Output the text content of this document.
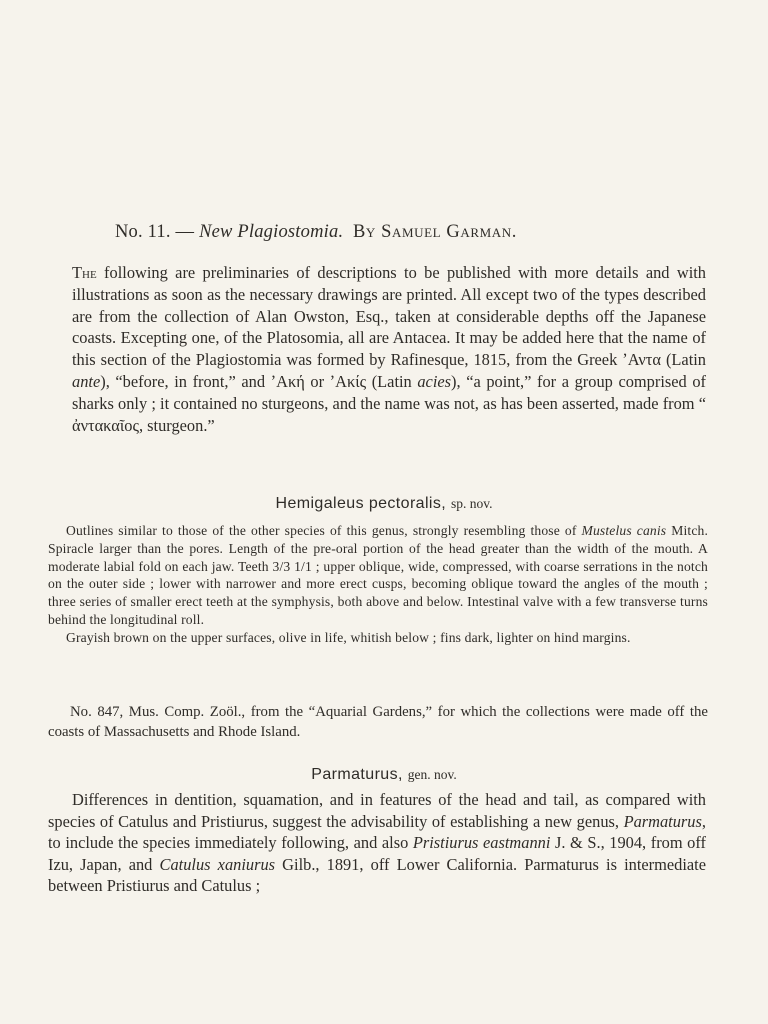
No. 11. — New Plagiostomia. By Samuel Garman.

The following are preliminaries of descriptions to be published with more details and with illustrations as soon as the necessary drawings are printed. All except two of the types described are from the collection of Alan Owston, Esq., taken at considerable depths off the Japanese coasts. Excepting one, of the Platosomia, all are Antacea. It may be added here that the name of this section of the Plagiostomia was formed by Rafinesque, 1815, from the Greek ʼΑντα (Latin ante), “before, in front,” and ʼΑκή or ʼΑκίς (Latin acies), “a point,” for a group comprised of sharks only ; it contained no sturgeons, and the name was not, as has been asserted, made from “ ἀντακαῖος, sturgeon.”

Hemigaleus pectoralis, sp. nov.

Outlines similar to those of the other species of this genus, strongly resembling those of Mustelus canis Mitch. Spiracle larger than the pores. Length of the pre-oral portion of the head greater than the width of the mouth. A moderate labial fold on each jaw. Teeth 3/3 1/1 ; upper oblique, wide, compressed, with coarse serrations in the notch on the outer side ; lower with narrower and more erect cusps, becoming oblique toward the angles of the mouth ; three series of smaller erect teeth at the symphysis, both above and below. Intestinal valve with a few transverse turns behind the longitudinal roll.

Grayish brown on the upper surfaces, olive in life, whitish below ; fins dark, lighter on hind margins.

No. 847, Mus. Comp. Zoöl., from the “Aquarial Gardens,” for which the collections were made off the coasts of Massachusetts and Rhode Island.

Parmaturus, gen. nov.

Differences in dentition, squamation, and in features of the head and tail, as compared with species of Catulus and Pristiurus, suggest the advisability of establishing a new genus, Parmaturus, to include the species immediately following, and also Pristiurus eastmanni J. & S., 1904, from off Izu, Japan, and Catulus xaniurus Gilb., 1891, off Lower California. Parmaturus is intermediate between Pristiurus and Catulus ;
